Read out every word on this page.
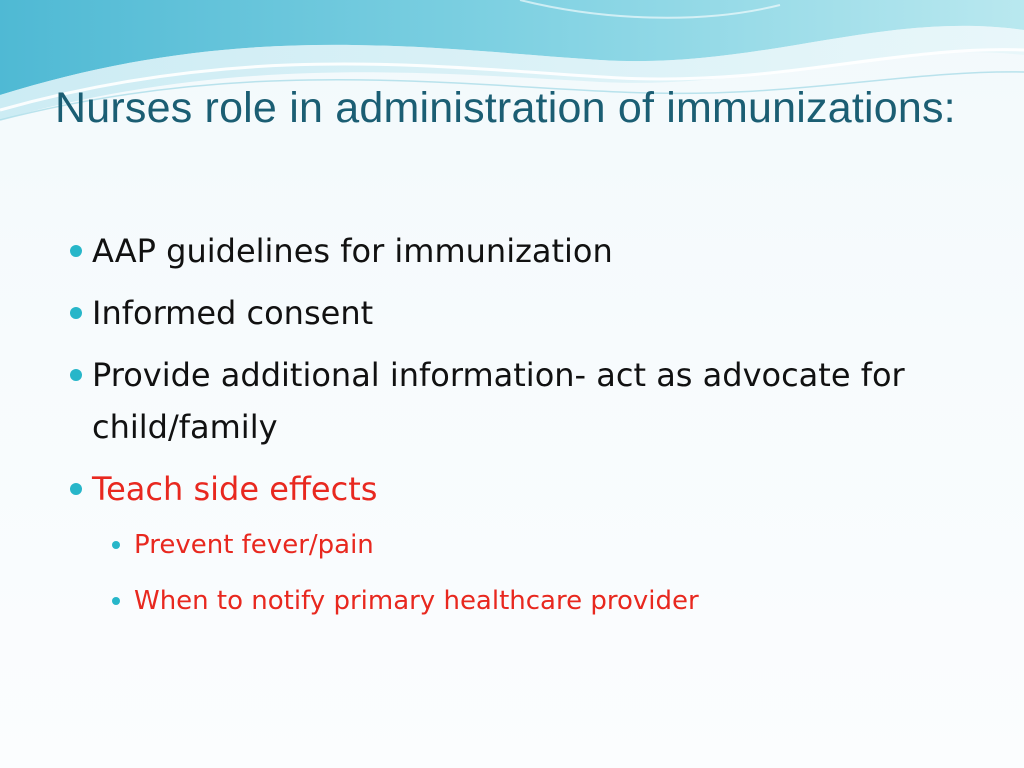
Nurses role in administration of immunizations:
AAP guidelines for immunization
Informed consent
Provide additional information- act as advocate for child/family
Teach side effects
Prevent fever/pain
When to notify primary healthcare provider
